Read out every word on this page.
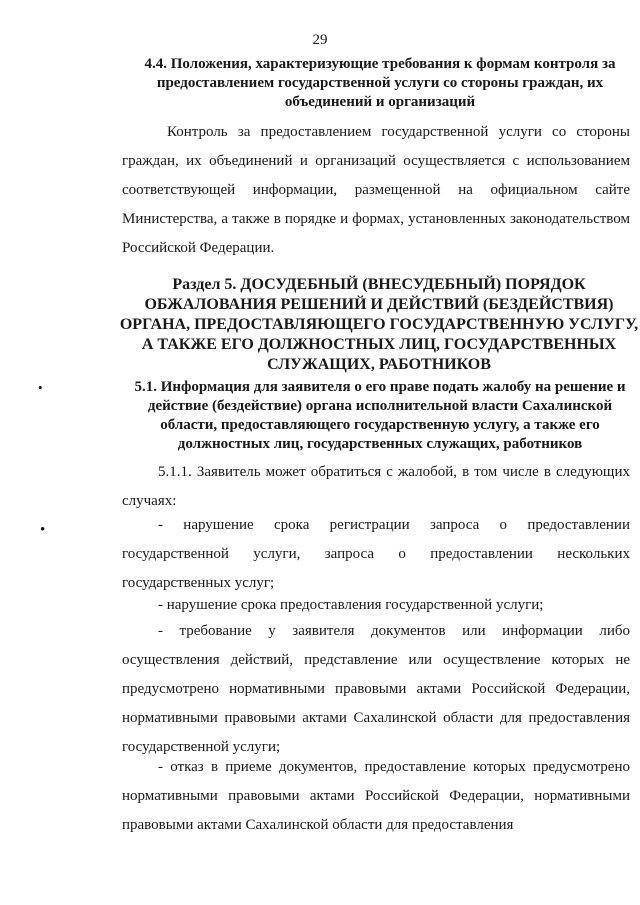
29
4.4. Положения, характеризующие требования к формам контроля за предоставлением государственной услуги со стороны граждан, их объединений и организаций
Контроль за предоставлением государственной услуги со стороны граждан, их объединений и организаций осуществляется с использованием соответствующей информации, размещенной на официальном сайте Министерства, а также в порядке и формах, установленных законодательством Российской Федерации.
Раздел 5. ДОСУДЕБНЫЙ (ВНЕСУДЕБНЫЙ) ПОРЯДОК ОБЖАЛОВАНИЯ РЕШЕНИЙ И ДЕЙСТВИЙ (БЕЗДЕЙСТВИЯ) ОРГАНА, ПРЕДОСТАВЛЯЮЩЕГО ГОСУДАРСТВЕННУЮ УСЛУГУ, А ТАКЖЕ ЕГО ДОЛЖНОСТНЫХ ЛИЦ, ГОСУДАРСТВЕННЫХ СЛУЖАЩИХ, РАБОТНИКОВ
•	5.1. Информация для заявителя о его праве подать жалобу на решение и действие (бездействие) органа исполнительной власти Сахалинской области, предоставляющего государственную услугу, а также его должностных лиц, государственных служащих, работников
5.1.1. Заявитель может обратиться с жалобой, в том числе в следующих случаях:
•	- нарушение срока регистрации запроса о предоставлении государственной услуги, запроса о предоставлении нескольких государственных услуг;
- нарушение срока предоставления государственной услуги;
- требование у заявителя документов или информации либо осуществления действий, представление или осуществление которых не предусмотрено нормативными правовыми актами Российской Федерации, нормативными правовыми актами Сахалинской области для предоставления государственной услуги;
- отказ в приеме документов, предоставление которых предусмотрено нормативными правовыми актами Российской Федерации, нормативными правовыми актами Сахалинской области для предоставления
